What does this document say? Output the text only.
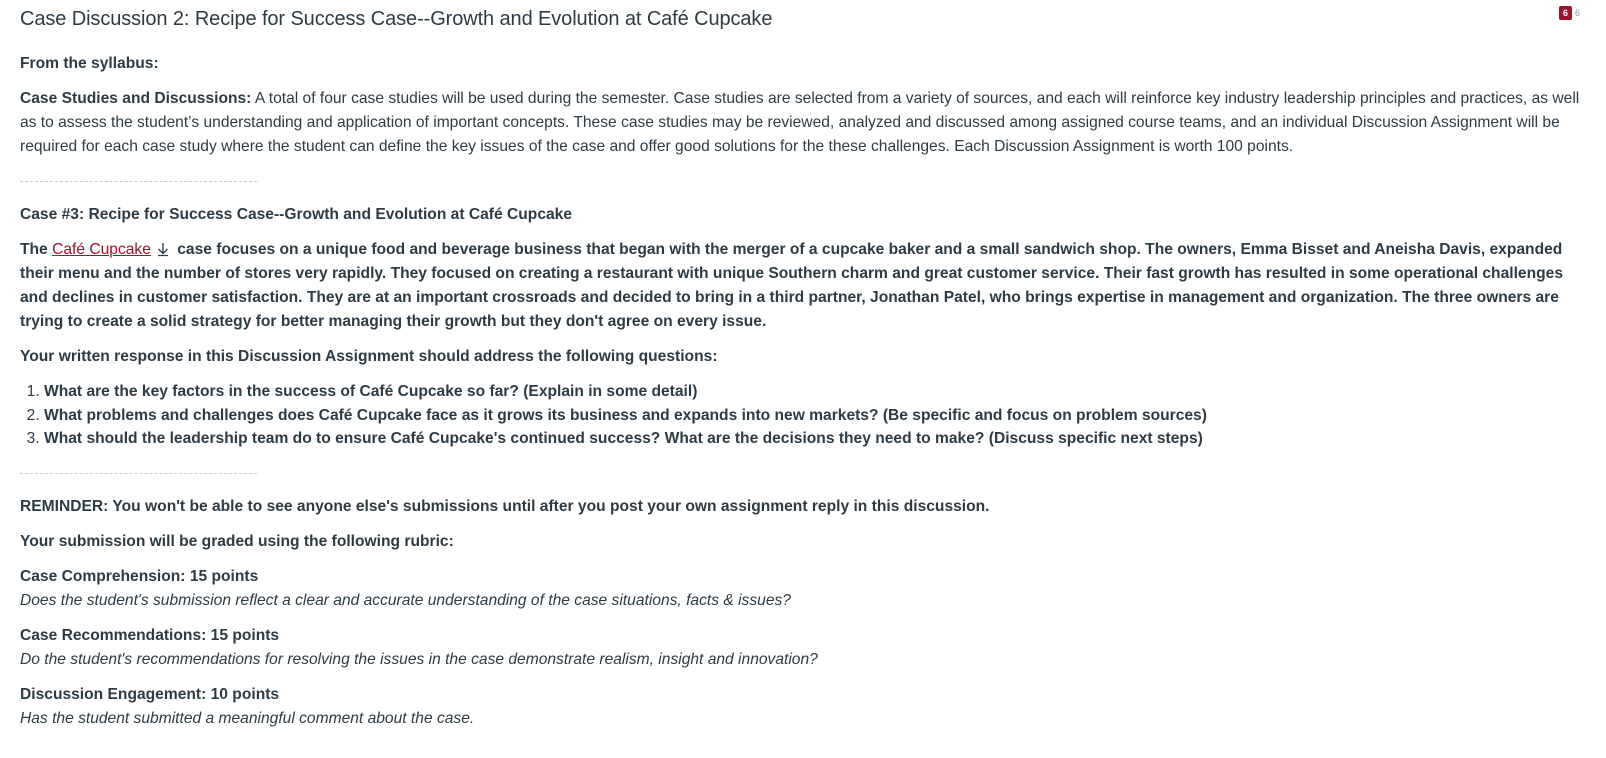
Case Discussion 2: Recipe for Success Case--Growth and Evolution at Café Cupcake	6 6

From the syllabus:

Case Studies and Discussions: A total of four case studies will be used during the semester. Case studies are selected from a variety of sources, and each will reinforce key industry leadership principles and practices, as well as to assess the student’s understanding and application of important concepts. These case studies may be reviewed, analyzed and discussed among assigned course teams, and an individual Discussion Assignment will be required for each case study where the student can define the key issues of the case and offer good solutions for the these challenges. Each Discussion Assignment is worth 100 points.

Case #3: Recipe for Success Case--Growth and Evolution at Café Cupcake

The Café Cupcake case focuses on a unique food and beverage business that began with the merger of a cupcake baker and a small sandwich shop. The owners, Emma Bisset and Aneisha Davis, expanded their menu and the number of stores very rapidly. They focused on creating a restaurant with unique Southern charm and great customer service. Their fast growth has resulted in some operational challenges and declines in customer satisfaction. They are at an important crossroads and decided to bring in a third partner, Jonathan Patel, who brings expertise in management and organization. The three owners are trying to create a solid strategy for better managing their growth but they don't agree on every issue.

Your written response in this Discussion Assignment should address the following questions:

1. What are the key factors in the success of Café Cupcake so far? (Explain in some detail)
2. What problems and challenges does Café Cupcake face as it grows its business and expands into new markets? (Be specific and focus on problem sources)
3. What should the leadership team do to ensure Café Cupcake's continued success? What are the decisions they need to make? (Discuss specific next steps)

REMINDER: You won't be able to see anyone else's submissions until after you post your own assignment reply in this discussion.

Your submission will be graded using the following rubric:

Case Comprehension: 15 points

Does the student's submission reflect a clear and accurate understanding of the case situations, facts & issues?

Case Recommendations: 15 points

Do the student's recommendations for resolving the issues in the case demonstrate realism, insight and innovation?

Discussion Engagement: 10 points

Has the student submitted a meaningful comment about the case.
